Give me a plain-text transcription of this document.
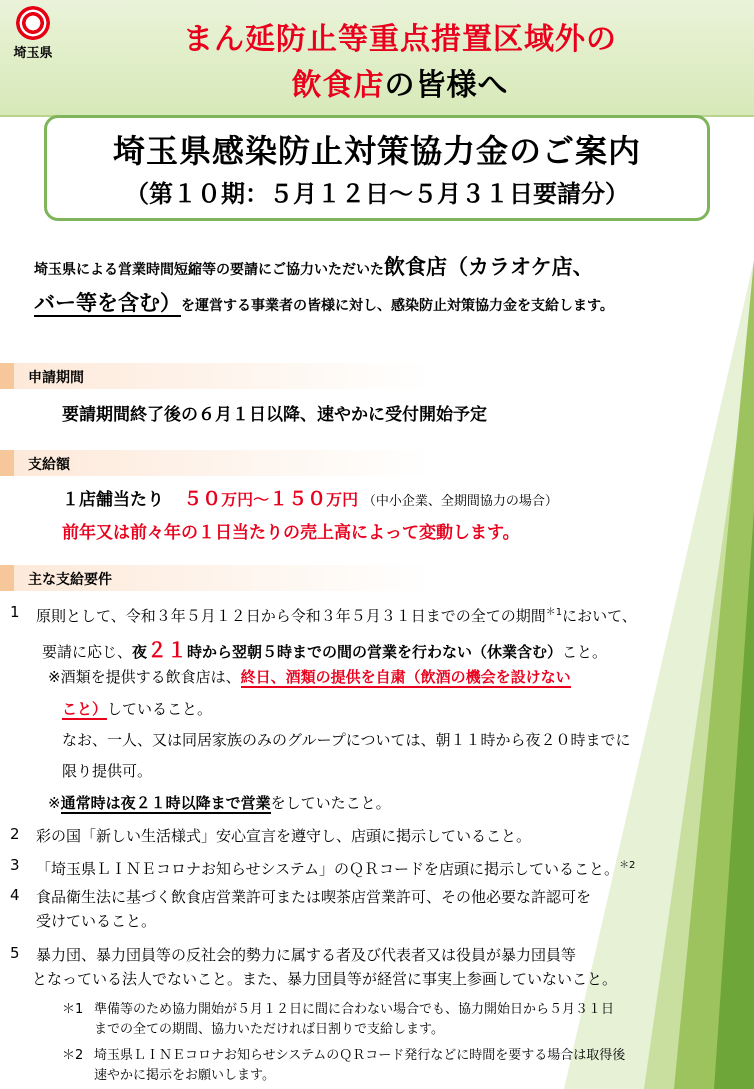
埼玉県	まん延防止等重点措置区域外の
飲食店の皆様へ
埼玉県感染防止対策協力金のご案内
（第１０期：５月１２日～５月３１日要請分）
埼玉県による営業時間短縮等の要請にご協力いただいた飲食店（カラオケ店、
バー等を含む）を運営する事業者の皆様に対し、感染防止対策協力金を支給します。
申請期間
要請期間終了後の６月１日以降、速やかに受付開始予定
支給額
１店舗当たり ５０万円～１５０万円 （中小企業、全期間協力の場合）
前年又は前々年の１日当たりの売上高によって変動します。
主な支給要件
1 原則として、令和３年５月１２日から令和３年５月３１日までの全ての期間$^{*1}$において、
要請に応じ、夜２１時から翌朝５時までの間の営業を行わない（休業含む）こと。
※酒類を提供する飲食店は、終日、酒類の提供を自粛（飲酒の機会を設けない
こと）していること。
なお、一人、又は同居家族のみのグループについては、朝１１時から夜２０時までに
限り提供可。
※通常時は夜２１時以降まで営業をしていたこと。
2 彩の国「新しい生活様式」安心宣言を遵守し、店頭に掲示していること。
3 「埼玉県ＬＩＮＥコロナお知らせシステム」のＱＲコードを店頭に掲示していること。$^{*2}$
4 食品衛生法に基づく飲食店営業許可または喫茶店営業許可、その他必要な許認可を
受けていること。
5 暴力団、暴力団員等の反社会的勢力に属する者及び代表者又は役員が暴力団員等
となっている法人でないこと。また、暴力団員等が経営に事実上参画していないこと。
＊1 準備等のため協力開始が５月１２日に間に合わない場合でも、協力開始日から５月３１日
までの全ての期間、協力いただければ日割りで支給します。
＊2 埼玉県ＬＩＮＥコロナお知らせシステムのＱＲコード発行などに時間を要する場合は取得後
速やかに掲示をお願いします。
